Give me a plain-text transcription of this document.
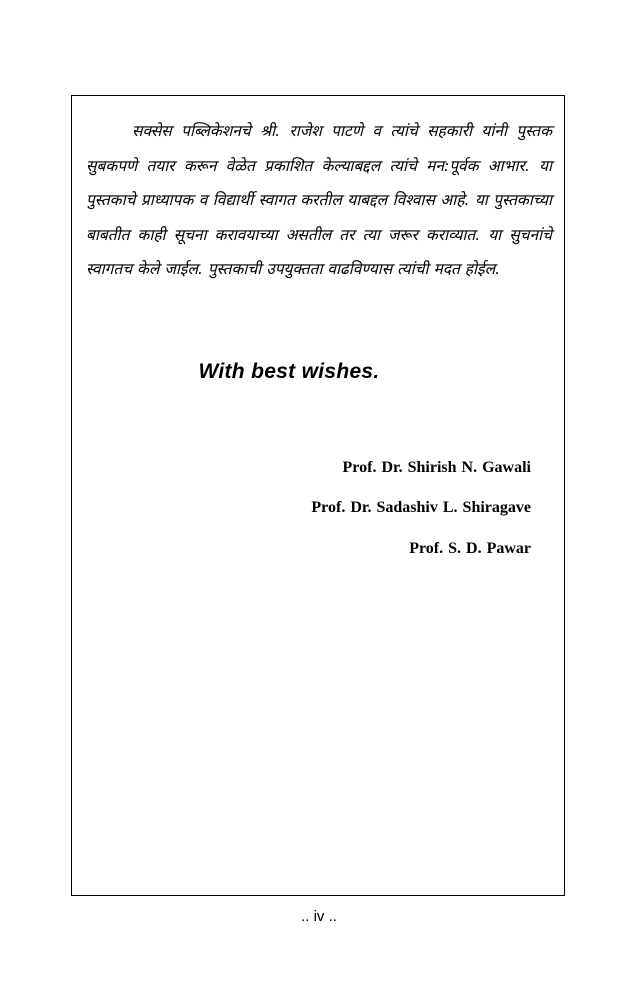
सक्सेस पब्लिकेशनचे श्री. राजेश पाटणे व त्यांचे सहकारी यांनी पुस्तक सुबकपणे तयार करून वेळेत प्रकाशित केल्याबद्दल त्यांचे मन:पूर्वक आभार. या पुस्तकाचे प्राध्यापक व विद्यार्थी स्वागत करतील याबद्दल विश्वास आहे. या पुस्तकाच्या बाबतीत काही सूचना करावयाच्या असतील तर त्या जरूर कराव्यात. या सुचनांचे स्वागतच केले जाईल. पुस्तकाची उपयुक्तता वाढविण्यास त्यांची मदत होईल.

With best wishes.
Prof. Dr. Shirish N. Gawali
Prof. Dr. Sadashiv L. Shiragave
Prof. S. D. Pawar
.. iv ..
